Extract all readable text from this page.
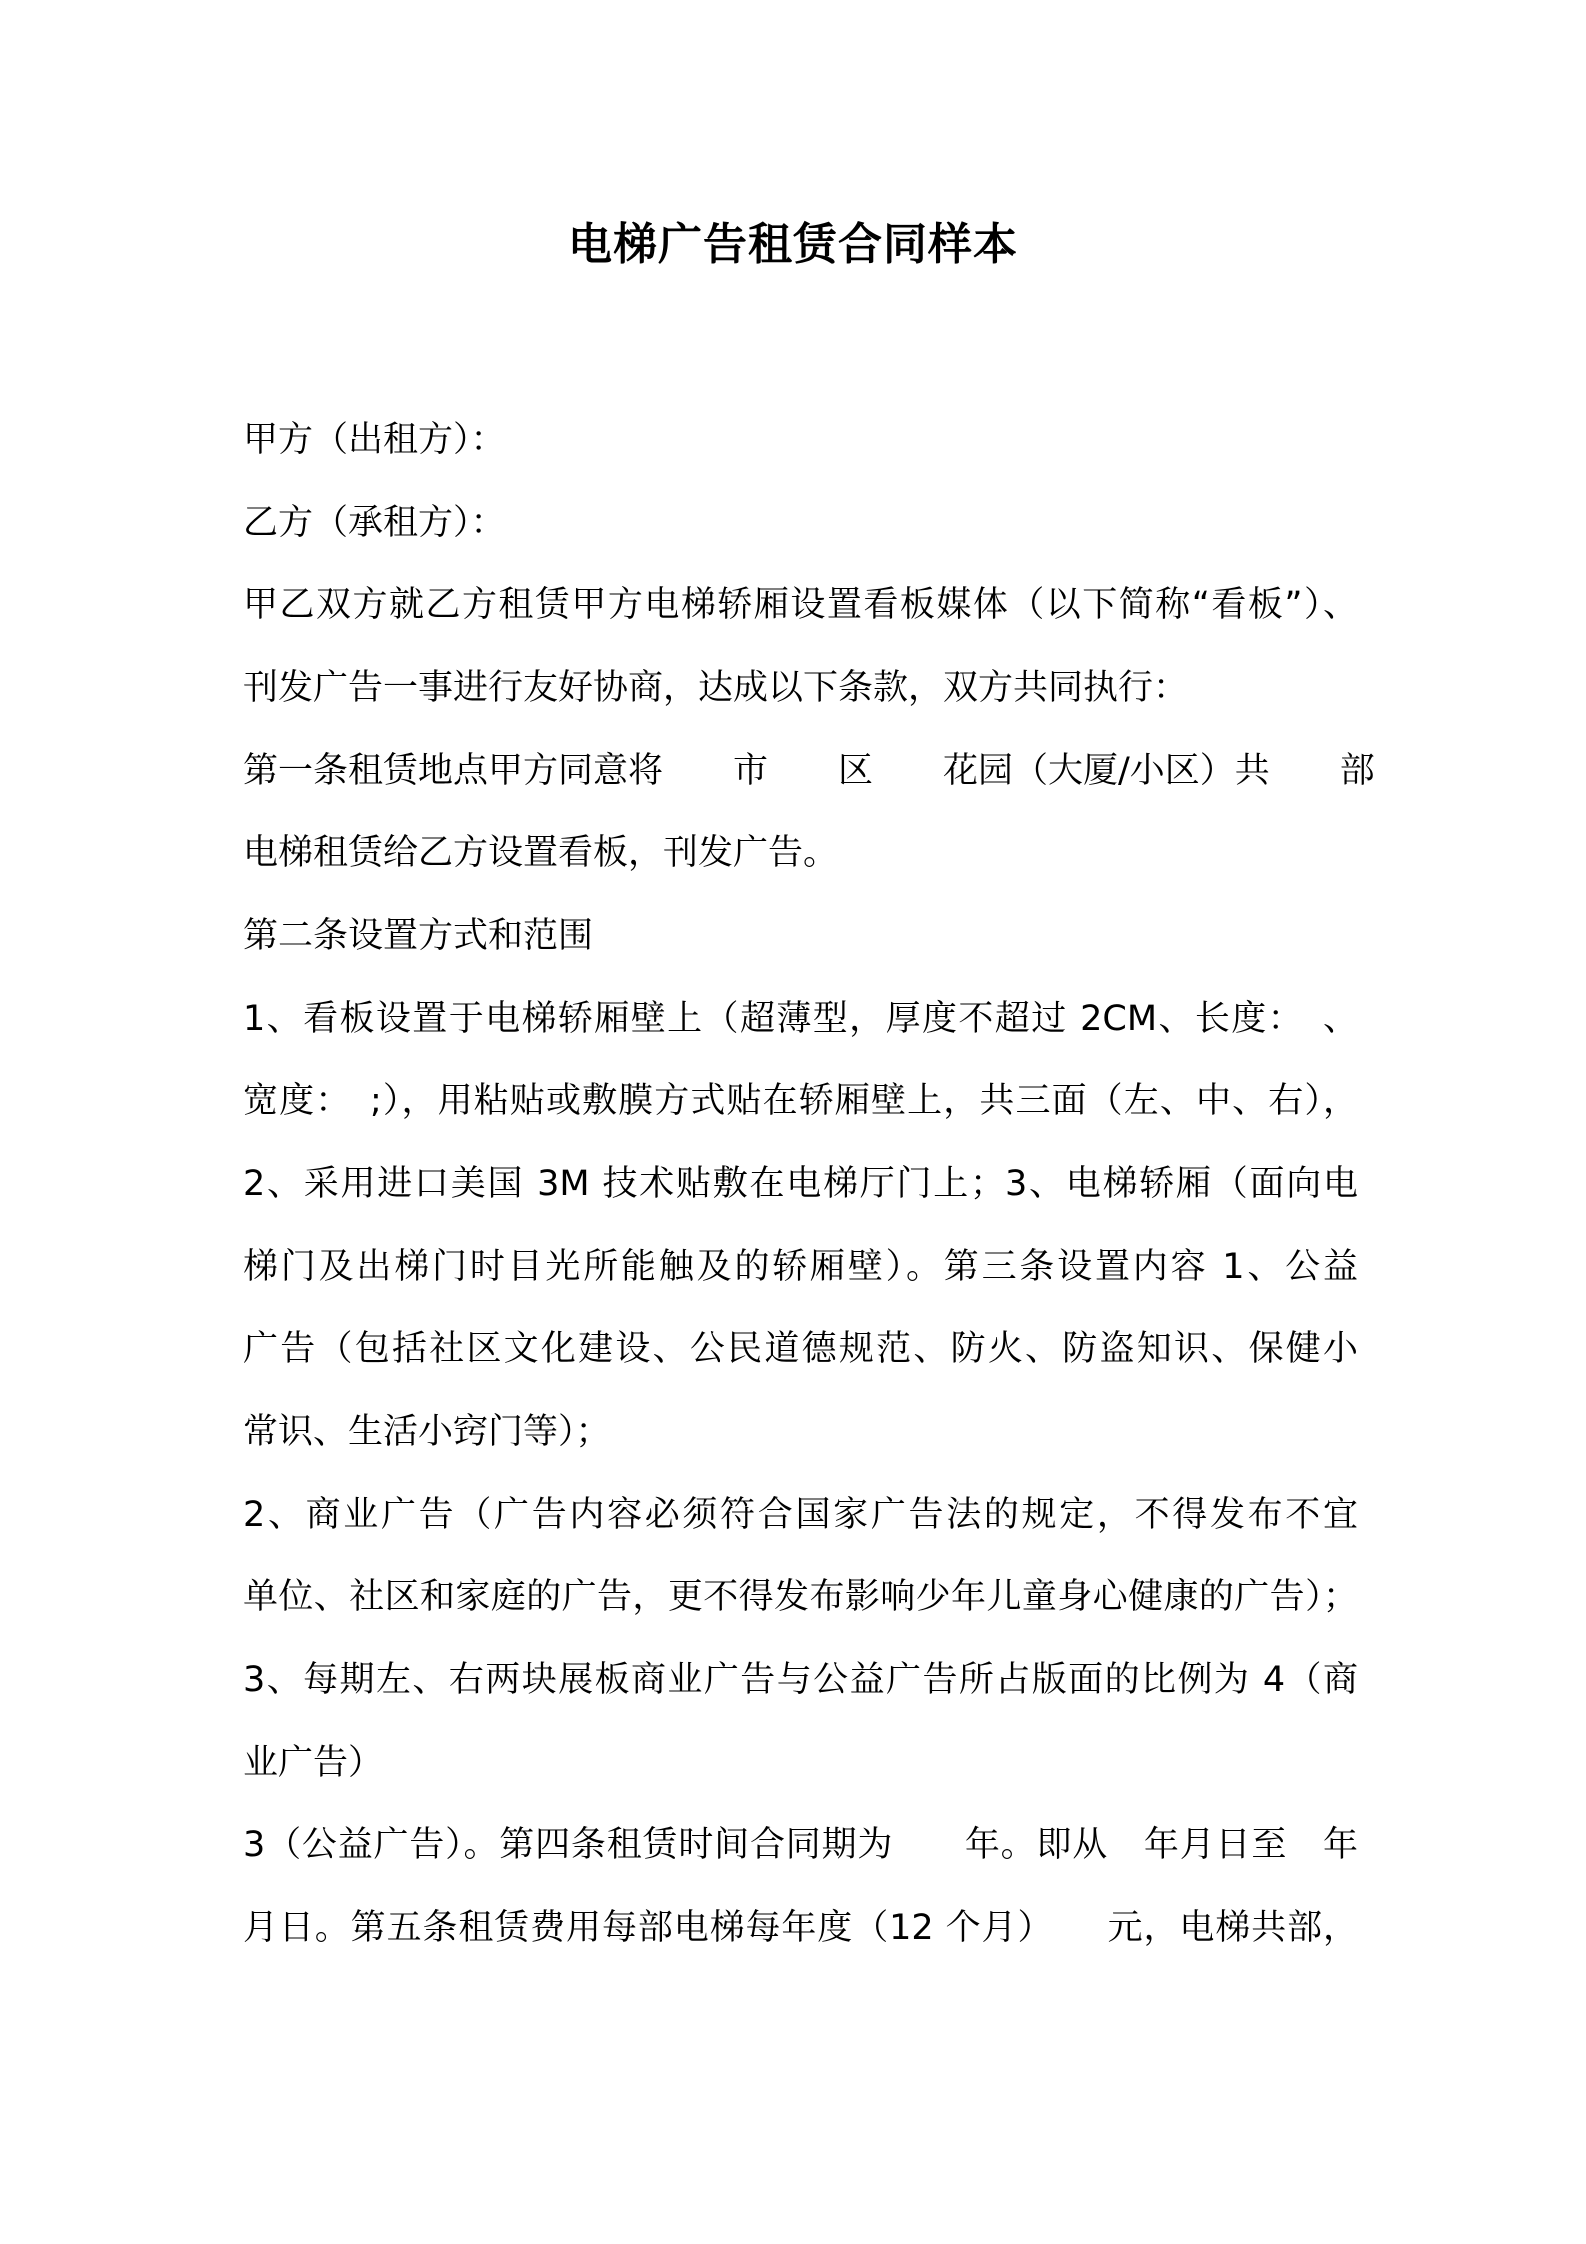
电梯广告租赁合同样本
甲方（出租方）：
乙方（承租方）：
甲乙双方就乙方租赁甲方电梯轿厢设置看板媒体（以下简称“看板”）、
刊发广告一事进行友好协商，达成以下条款，双方共同执行：
第一条租赁地点甲方同意将　　市　　区　　花园（大厦/小区）共　　部
电梯租赁给乙方设置看板，刊发广告。
第二条设置方式和范围
1、看板设置于电梯轿厢壁上（超薄型，厚度不超过 2CM、长度：　、
宽度：　;），用粘贴或敷膜方式贴在轿厢壁上，共三面（左、中、右），
2、采用进口美国 3M 技术贴敷在电梯厅门上；3、电梯轿厢（面向电
梯门及出梯门时目光所能触及的轿厢壁）。第三条设置内容 1、公益
广告（包括社区文化建设、公民道德规范、防火、防盗知识、保健小
常识、生活小窍门等）；
2、商业广告（广告内容必须符合国家广告法的规定，不得发布不宜
单位、社区和家庭的广告，更不得发布影响少年儿童身心健康的广告）；
3、每期左、右两块展板商业广告与公益广告所占版面的比例为 4（商
业广告）
3（公益广告）。第四条租赁时间合同期为　　年。即从　年月日至　年
月日。第五条租赁费用每部电梯每年度（12 个月）　　元，电梯共部，
